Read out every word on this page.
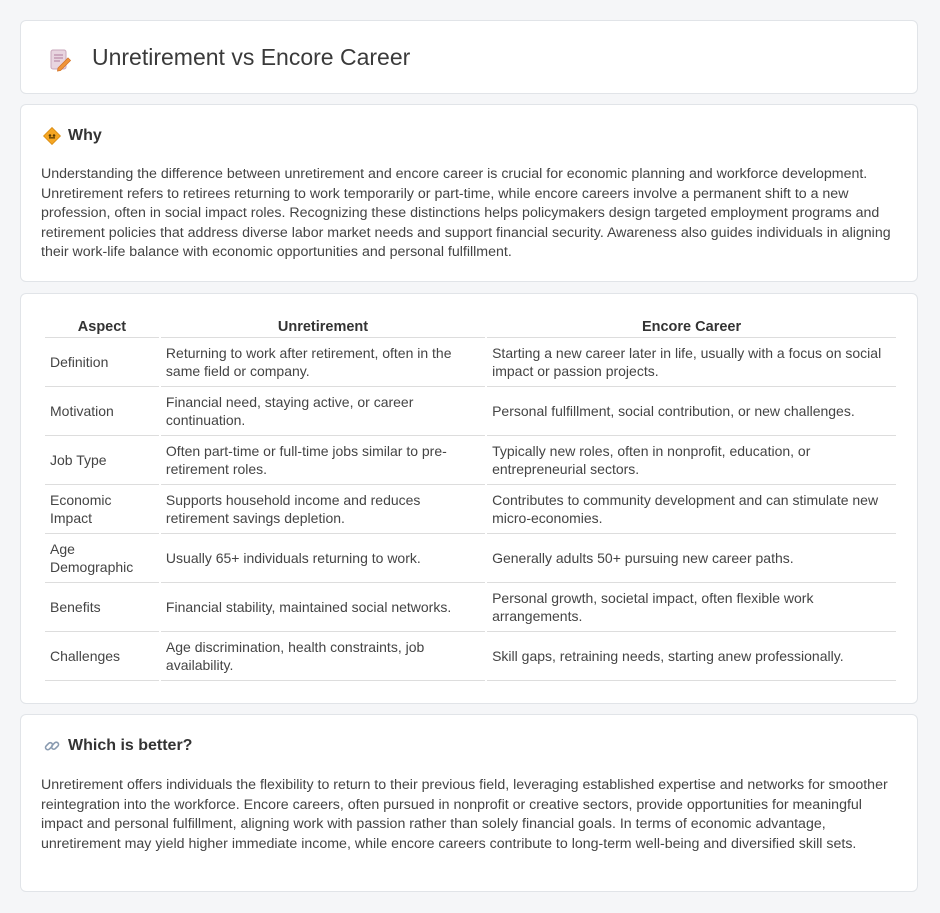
Unretirement vs Encore Career
Why

Understanding the difference between unretirement and encore career is crucial for economic planning and workforce development. Unretirement refers to retirees returning to work temporarily or part-time, while encore careers involve a permanent shift to a new profession, often in social impact roles. Recognizing these distinctions helps policymakers design targeted employment programs and retirement policies that address diverse labor market needs and support financial security. Awareness also guides individuals in aligning their work-life balance with economic opportunities and personal fulfillment.

Aspect	Unretirement	Encore Career
Definition	Returning to work after retirement, often in the same field or company.	Starting a new career later in life, usually with a focus on social impact or passion projects.
Motivation	Financial need, staying active, or career continuation.	Personal fulfillment, social contribution, or new challenges.
Job Type	Often part-time or full-time jobs similar to pre-retirement roles.	Typically new roles, often in nonprofit, education, or entrepreneurial sectors.
Economic Impact	Supports household income and reduces retirement savings depletion.	Contributes to community development and can stimulate new micro-economies.
Age Demographic	Usually 65+ individuals returning to work.	Generally adults 50+ pursuing new career paths.
Benefits	Financial stability, maintained social networks.	Personal growth, societal impact, often flexible work arrangements.
Challenges	Age discrimination, health constraints, job availability.	Skill gaps, retraining needs, starting anew professionally.
Which is better?

Unretirement offers individuals the flexibility to return to their previous field, leveraging established expertise and networks for smoother reintegration into the workforce. Encore careers, often pursued in nonprofit or creative sectors, provide opportunities for meaningful impact and personal fulfillment, aligning work with passion rather than solely financial goals. In terms of economic advantage, unretirement may yield higher immediate income, while encore careers contribute to long-term well-being and diversified skill sets.
